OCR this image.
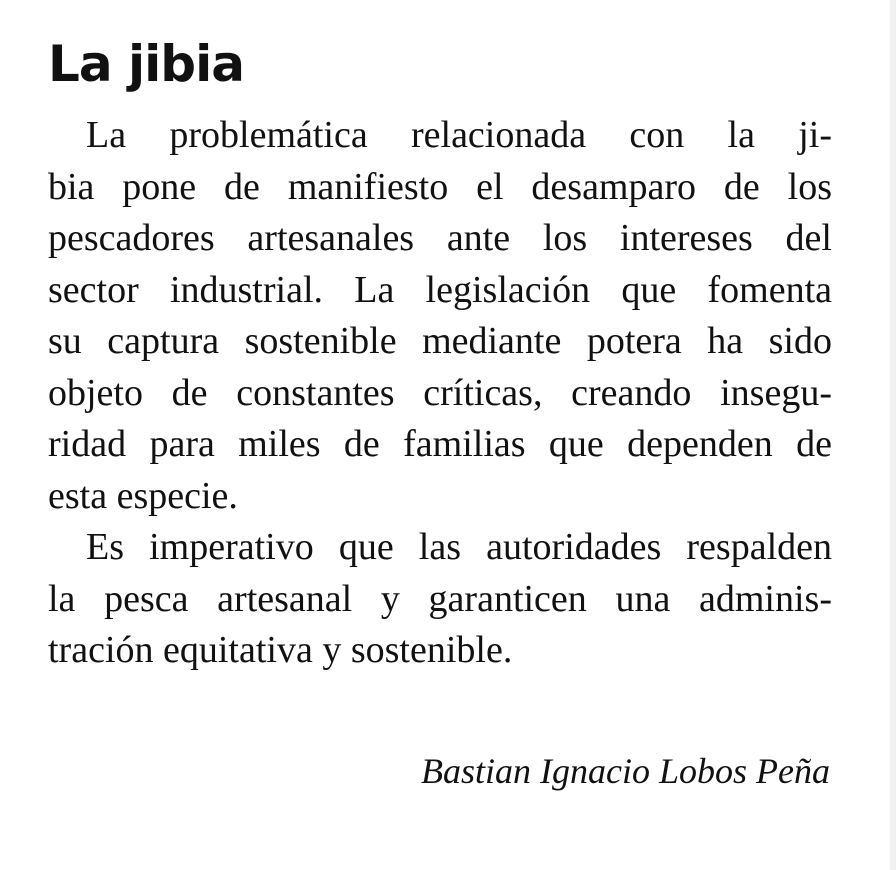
La jibia
La problemática relacionada con la ji-
bia pone de manifiesto el desamparo de los
pescadores artesanales ante los intereses del
sector industrial. La legislación que fomenta
su captura sostenible mediante potera ha sido
objeto de constantes críticas, creando insegu-
ridad para miles de familias que dependen de
esta especie.
Es imperativo que las autoridades respalden
la pesca artesanal y garanticen una adminis-
tración equitativa y sostenible.
Bastian Ignacio Lobos Peña
